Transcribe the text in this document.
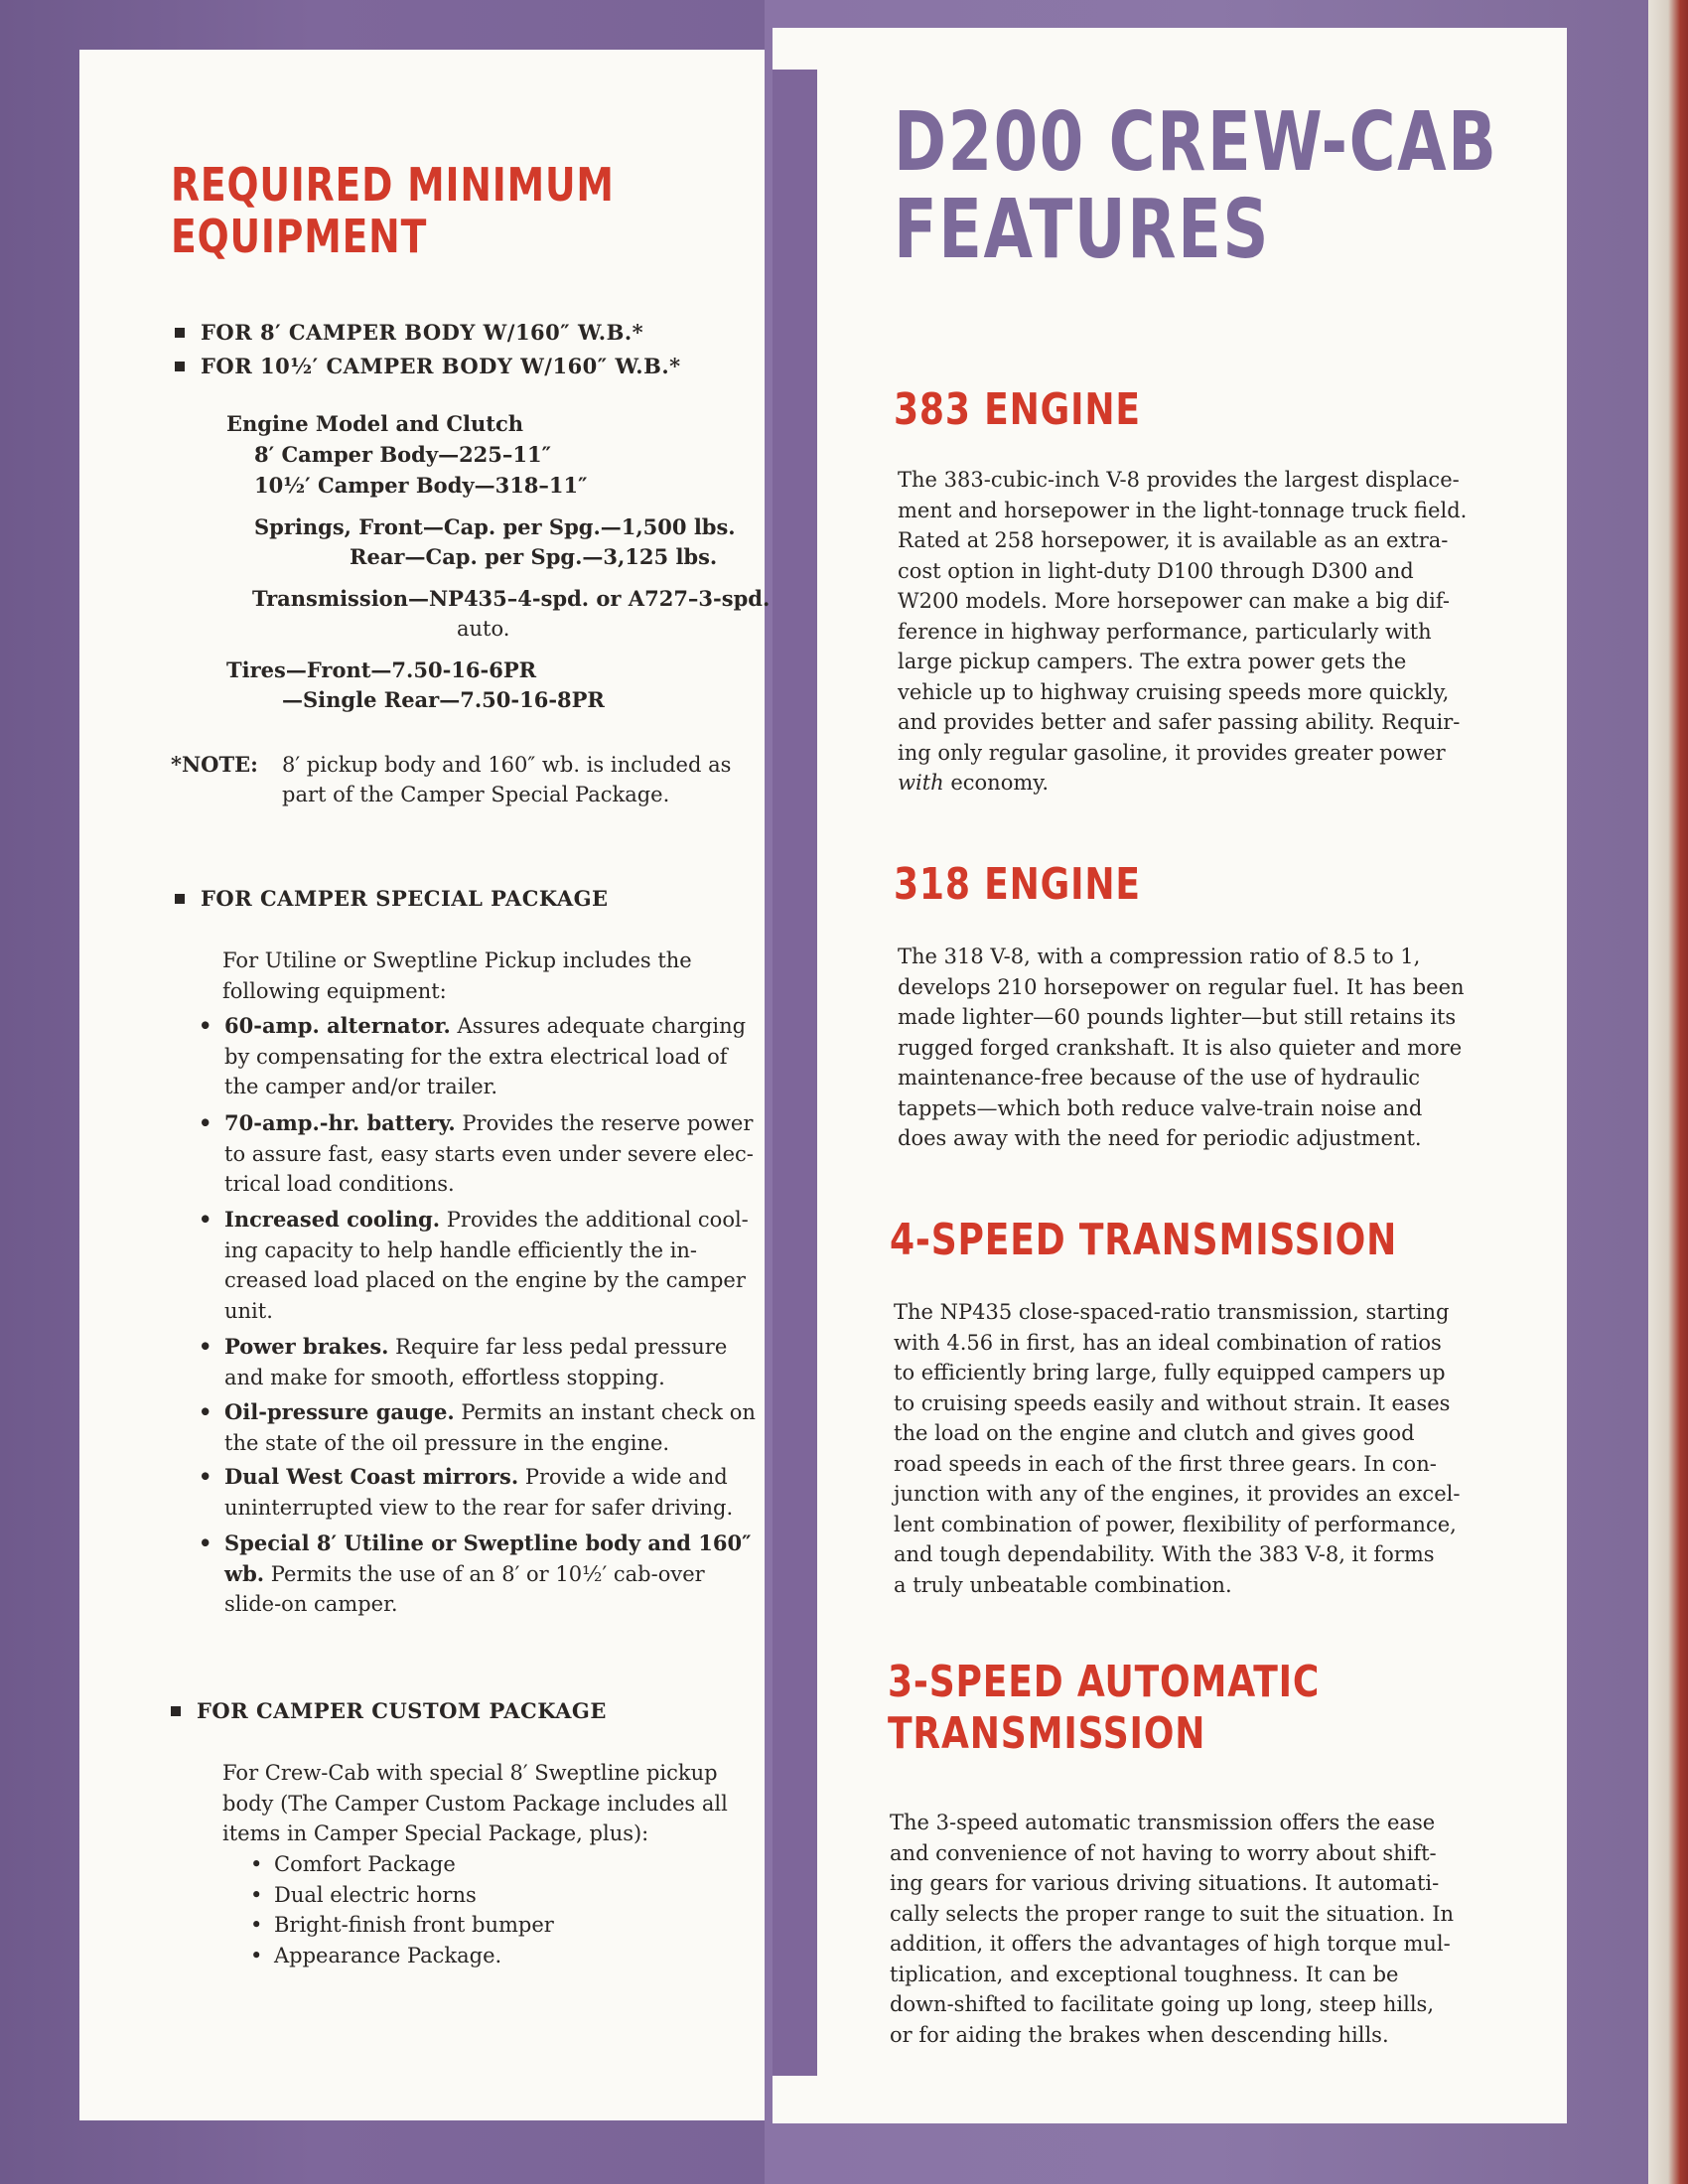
REQUIRED MINIMUM
EQUIPMENT
FOR 8′ CAMPER BODY W/160″ W.B.*
FOR 10½′ CAMPER BODY W/160″ W.B.*
Engine Model and Clutch
8′ Camper Body—225–11″
10½′ Camper Body—318–11″
Springs, Front—Cap. per Spg.—1,500 lbs.
Rear—Cap. per Spg.—3,125 lbs.
Transmission—NP435–4-spd. or A727–3-spd.
auto.
Tires—Front—7.50-16-6PR
—Single Rear—7.50-16-8PR
*NOTE: 8′ pickup body and 160″ wb. is included as
part of the Camper Special Package.
FOR CAMPER SPECIAL PACKAGE
For Utiline or Sweptline Pickup includes the
following equipment:
• 60-amp. alternator. Assures adequate charging
by compensating for the extra electrical load of
the camper and/or trailer.
• 70-amp.-hr. battery. Provides the reserve power
to assure fast, easy starts even under severe elec-
trical load conditions.
• Increased cooling. Provides the additional cool-
ing capacity to help handle efficiently the in-
creased load placed on the engine by the camper
unit.
• Power brakes. Require far less pedal pressure
and make for smooth, effortless stopping.
• Oil-pressure gauge. Permits an instant check on
the state of the oil pressure in the engine.
• Dual West Coast mirrors. Provide a wide and
uninterrupted view to the rear for safer driving.
• Special 8′ Utiline or Sweptline body and 160″
wb. Permits the use of an 8′ or 10½′ cab-over
slide-on camper.
FOR CAMPER CUSTOM PACKAGE
For Crew-Cab with special 8′ Sweptline pickup
body (The Camper Custom Package includes all
items in Camper Special Package, plus):
• Comfort Package
• Dual electric horns
• Bright-finish front bumper
• Appearance Package.
D200 CREW-CAB
FEATURES
383 ENGINE
The 383-cubic-inch V-8 provides the largest displace-
ment and horsepower in the light-tonnage truck field.
Rated at 258 horsepower, it is available as an extra-
cost option in light-duty D100 through D300 and
W200 models. More horsepower can make a big dif-
ference in highway performance, particularly with
large pickup campers. The extra power gets the
vehicle up to highway cruising speeds more quickly,
and provides better and safer passing ability. Requir-
ing only regular gasoline, it provides greater power
with economy.
318 ENGINE
The 318 V-8, with a compression ratio of 8.5 to 1,
develops 210 horsepower on regular fuel. It has been
made lighter—60 pounds lighter—but still retains its
rugged forged crankshaft. It is also quieter and more
maintenance-free because of the use of hydraulic
tappets—which both reduce valve-train noise and
does away with the need for periodic adjustment.
4-SPEED TRANSMISSION
The NP435 close-spaced-ratio transmission, starting
with 4.56 in first, has an ideal combination of ratios
to efficiently bring large, fully equipped campers up
to cruising speeds easily and without strain. It eases
the load on the engine and clutch and gives good
road speeds in each of the first three gears. In con-
junction with any of the engines, it provides an excel-
lent combination of power, flexibility of performance,
and tough dependability. With the 383 V-8, it forms
a truly unbeatable combination.
3-SPEED AUTOMATIC
TRANSMISSION
The 3-speed automatic transmission offers the ease
and convenience of not having to worry about shift-
ing gears for various driving situations. It automati-
cally selects the proper range to suit the situation. In
addition, it offers the advantages of high torque mul-
tiplication, and exceptional toughness. It can be
down-shifted to facilitate going up long, steep hills,
or for aiding the brakes when descending hills.
